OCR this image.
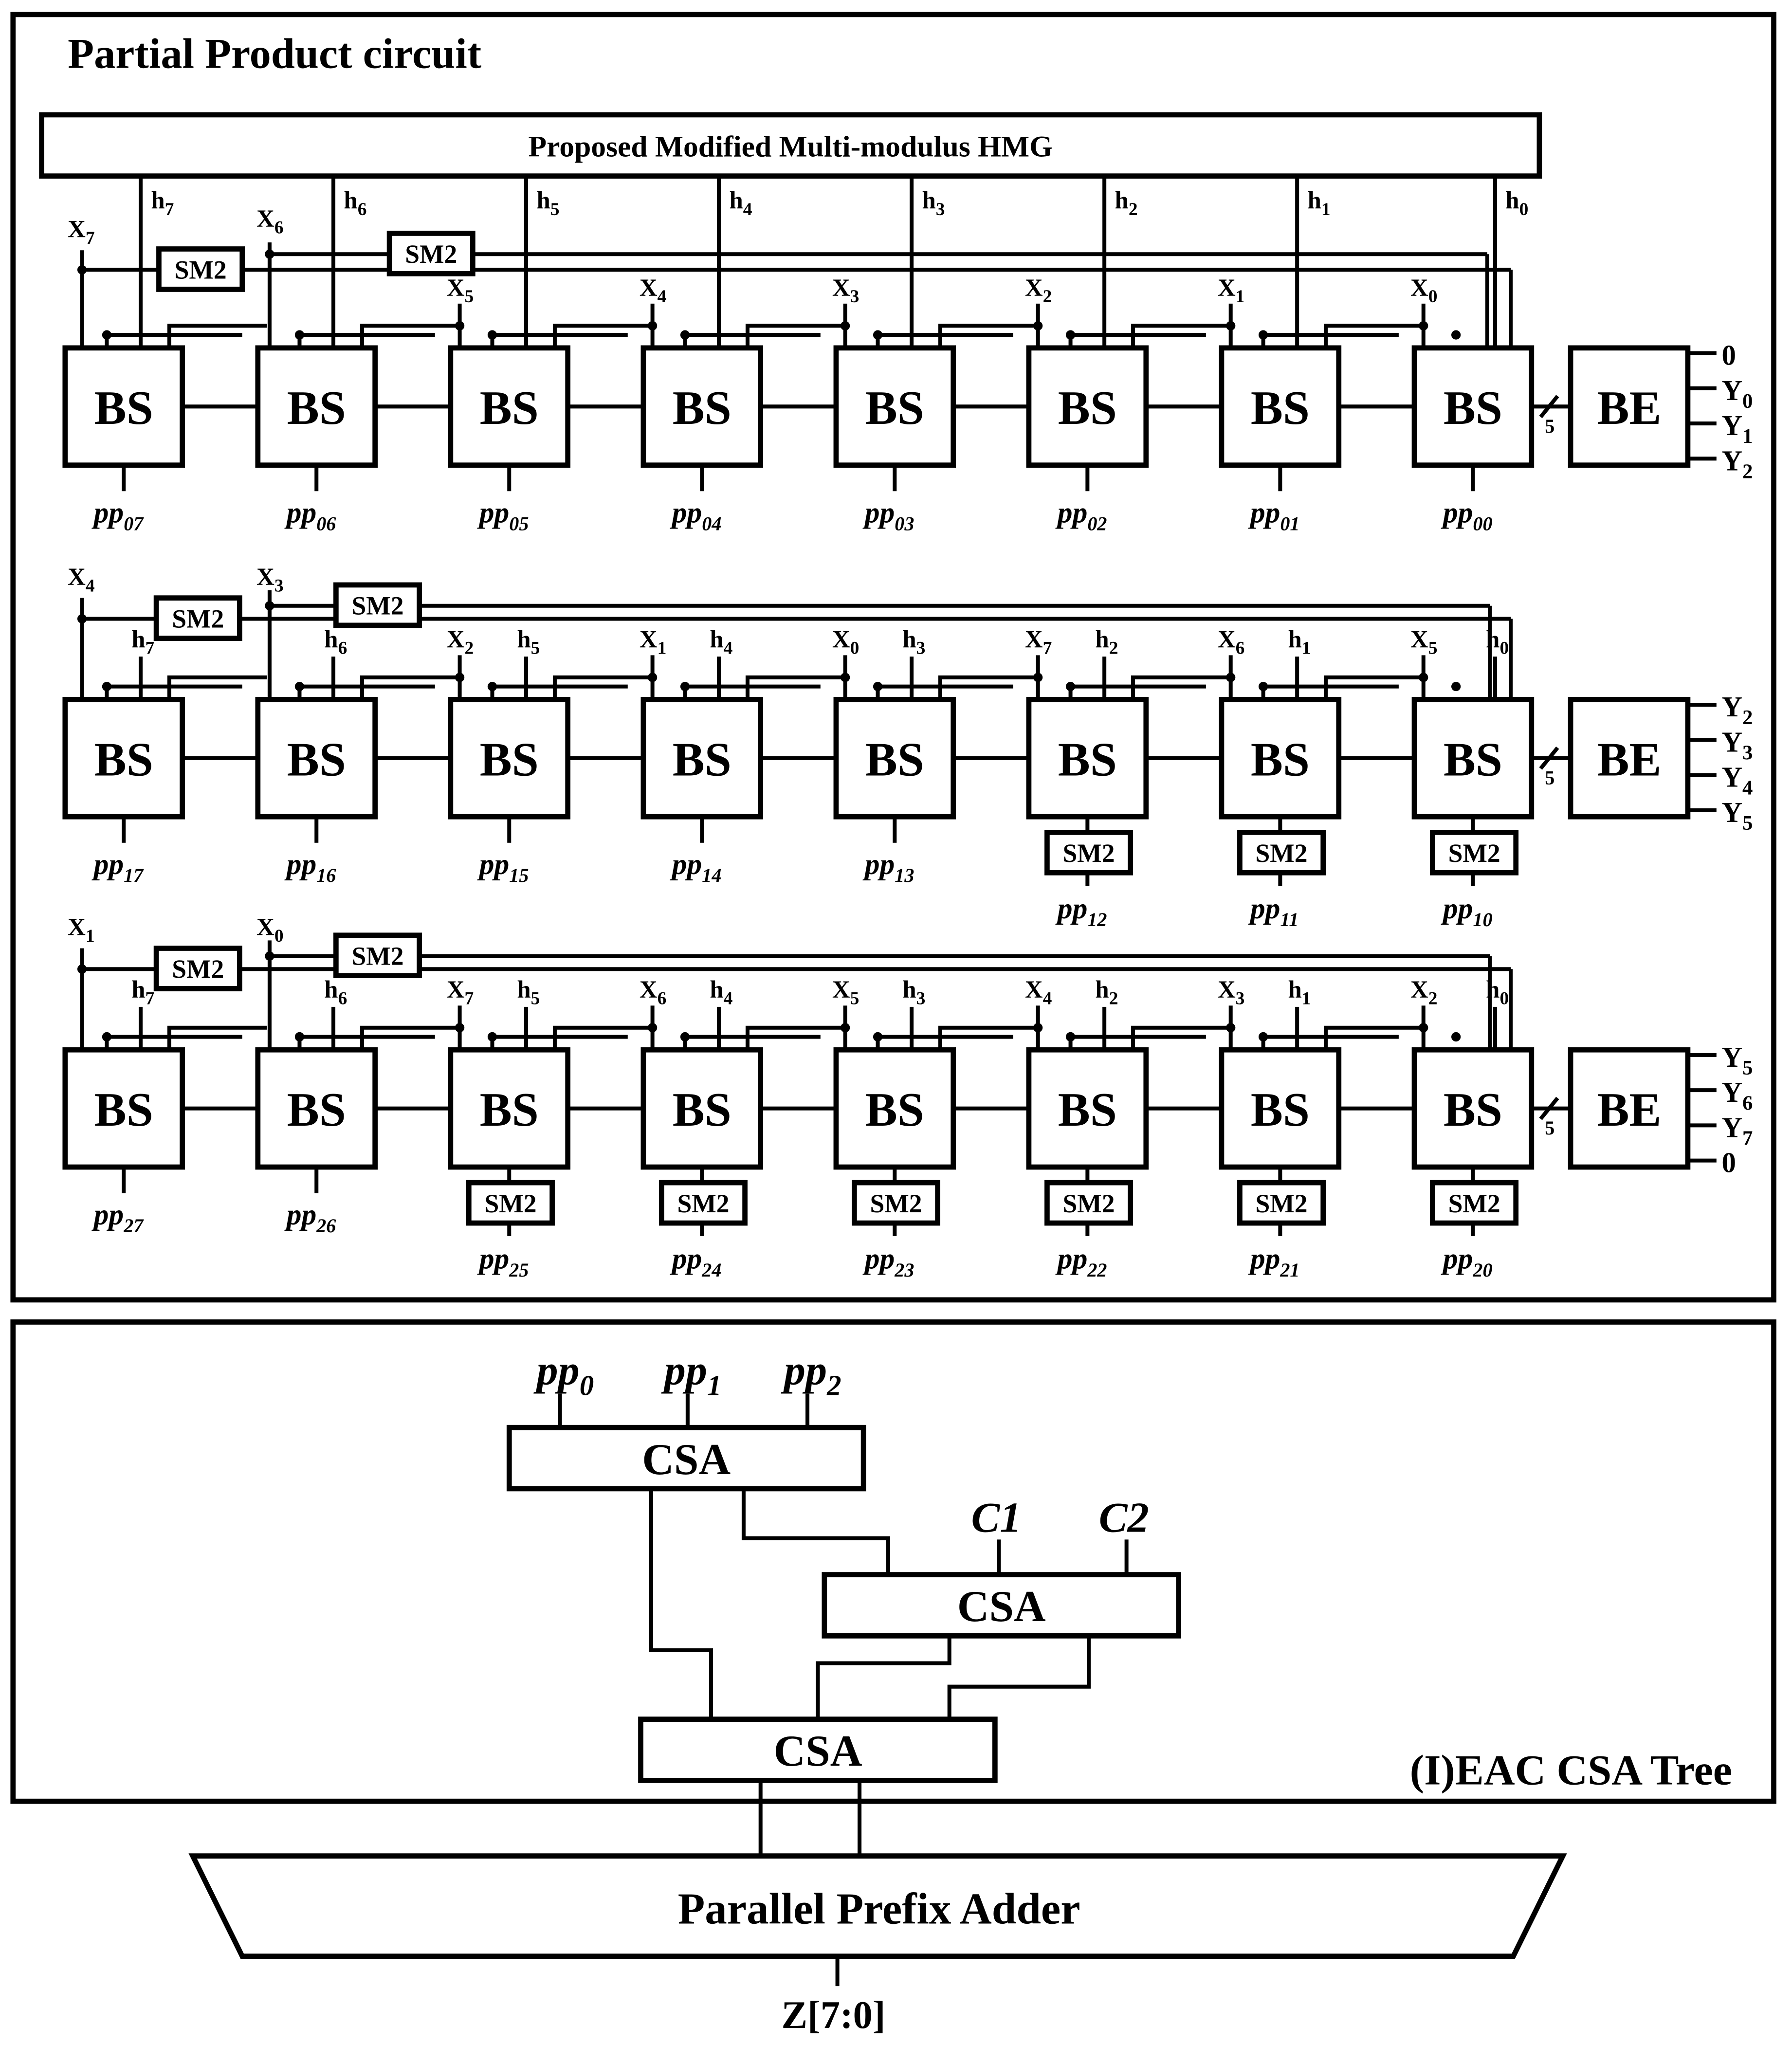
Partial Product circuit
Proposed Modified Multi-modulus HMG
$h_7$	$h_6$	$h_5$	$h_4$	$h_3$	$h_2$	$h_1$	$h_0$
$X_7$
$X_6$
SM2
SM2
BS
$pp_{07}$
BS
$pp_{06}$
$X_5$
BS
$pp_{05}$
$X_4$
BS
$pp_{04}$
$X_3$
BS
$pp_{03}$
$X_2$
BS
$pp_{02}$
$X_1$
BS
$pp_{01}$
$X_0$
BS
$pp_{00}$
5 BE
0
$Y_0$
$Y_1$
$Y_2$
$X_4$	$X_3$
SM2	SM2
$h_7$
BS
$pp_{17}$
$h_6$
BS
$pp_{16}$
$X_2$	$h_5$
BS
$pp_{15}$
$X_1$	$h_4$
BS
$pp_{14}$
$X_0$	$h_3$
BS
$pp_{13}$
$X_7$	$h_2$
BS
SM2
$pp_{12}$
$X_6$	$h_1$
BS
SM2
$pp_{11}$
$X_5$	$h_0$
BS
SM2
$pp_{10}$
5 BE
$Y_2$
$Y_3$
$Y_4$
$Y_5$
$X_1$	$X_0$
SM2	SM2
$h_7$
BS
$pp_{27}$
$h_6$
BS
$pp_{26}$
$X_7$	$h_5$
BS
SM2
$pp_{25}$
$X_6$	$h_4$
BS
SM2
$pp_{24}$
$X_5$	$h_3$
BS
SM2
$pp_{23}$
$X_4$	$h_2$
BS
SM2
$pp_{22}$
$X_3$	$h_1$
BS
SM2
$pp_{21}$
$X_2$	$h_0$
BS
SM2
$pp_{20}$
5 BE
$Y_5$
$Y_6$
$Y_7$
0
(I)EAC CSA Tree
CSA
CSA
CSA
$pp_0$	$pp_1$	$pp_2$
C1	C2
Parallel Prefix Adder
Z[7:0]
